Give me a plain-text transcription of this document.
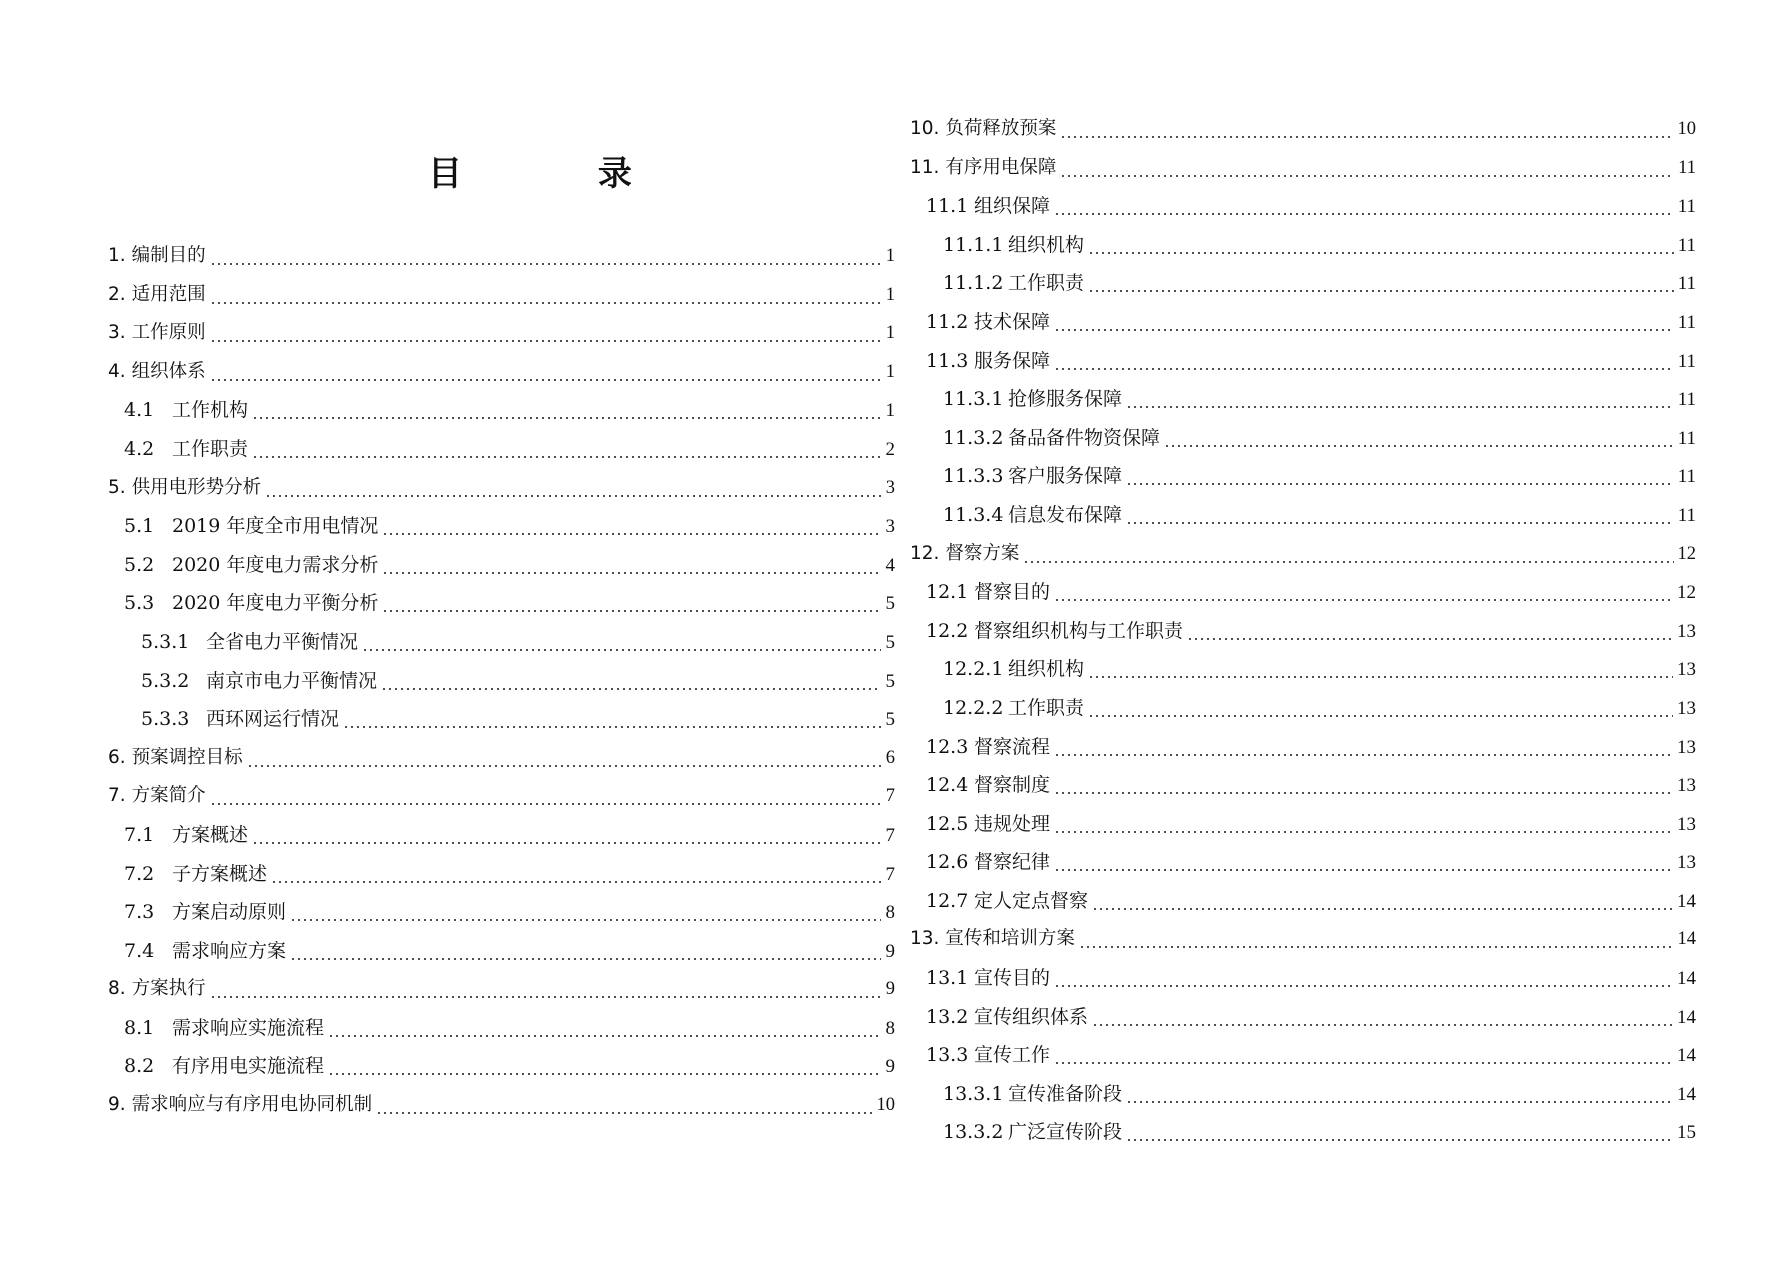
目 录
1. 编制目的	1
2. 适用范围	1
3. 工作原则	1
4. 组织体系	1
4.1 工作机构	1
4.2 工作职责	2
5. 供用电形势分析	3
5.1 2019 年度全市用电情况	3
5.2 2020 年度电力需求分析	4
5.3 2020 年度电力平衡分析	5
5.3.1 全省电力平衡情况	5
5.3.2 南京市电力平衡情况	5
5.3.3 西环网运行情况	5
6. 预案调控目标	6
7. 方案简介	7
7.1 方案概述	7
7.2 子方案概述	7
7.3 方案启动原则	8
7.4 需求响应方案	9
8. 方案执行	9
8.1 需求响应实施流程	8
8.2 有序用电实施流程	9
9. 需求响应与有序用电协同机制	10
10. 负荷释放预案	10
11. 有序用电保障	11
11.1 组织保障	11
11.1.1 组织机构	11
11.1.2 工作职责	11
11.2 技术保障	11
11.3 服务保障	11
11.3.1 抢修服务保障	11
11.3.2 备品备件物资保障	11
11.3.3 客户服务保障	11
11.3.4 信息发布保障	11
12. 督察方案	12
12.1 督察目的	12
12.2 督察组织机构与工作职责	13
12.2.1 组织机构	13
12.2.2 工作职责	13
12.3 督察流程	13
12.4 督察制度	13
12.5 违规处理	13
12.6 督察纪律	13
12.7 定人定点督察	14
13. 宣传和培训方案	14
13.1 宣传目的	14
13.2 宣传组织体系	14
13.3 宣传工作	14
13.3.1 宣传准备阶段	14
13.3.2 广泛宣传阶段	15
